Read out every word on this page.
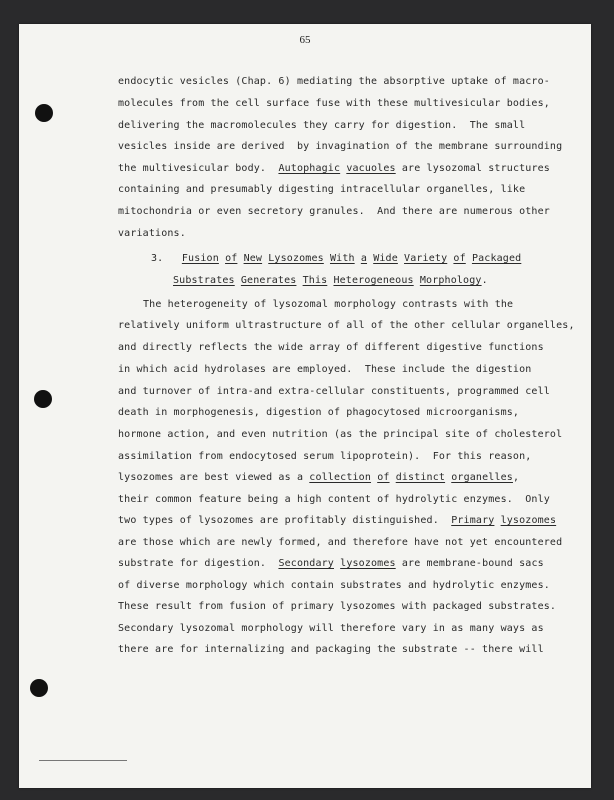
65
endocytic vesicles (Chap. 6) mediating the absorptive uptake of macro-
molecules from the cell surface fuse with these multivesicular bodies,
delivering the macromolecules they carry for digestion.  The small
vesicles inside are derived  by invagination of the membrane surrounding
the multivesicular body.  Autophagic vacuoles are lysozomal structures
containing and presumably digesting intracellular organelles, like
mitochondria or even secretory granules.  And there are numerous other
variations.
3.   Fusion of New Lysozomes With a Wide Variety of Packaged
Substrates Generates This Heterogeneous Morphology.
The heterogeneity of lysozomal morphology contrasts with the
relatively uniform ultrastructure of all of the other cellular organelles,
and directly reflects the wide array of different digestive functions
in which acid hydrolases are employed.  These include the digestion
and turnover of intra-and extra-cellular constituents, programmed cell
death in morphogenesis, digestion of phagocytosed microorganisms,
hormone action, and even nutrition (as the principal site of cholesterol
assimilation from endocytosed serum lipoprotein).  For this reason,
lysozomes are best viewed as a collection of distinct organelles,
their common feature being a high content of hydrolytic enzymes.  Only
two types of lysozomes are profitably distinguished.  Primary lysozomes
are those which are newly formed, and therefore have not yet encountered
substrate for digestion.  Secondary lysozomes are membrane-bound sacs
of diverse morphology which contain substrates and hydrolytic enzymes.
These result from fusion of primary lysozomes with packaged substrates.
Secondary lysozomal morphology will therefore vary in as many ways as
there are for internalizing and packaging the substrate -- there will
